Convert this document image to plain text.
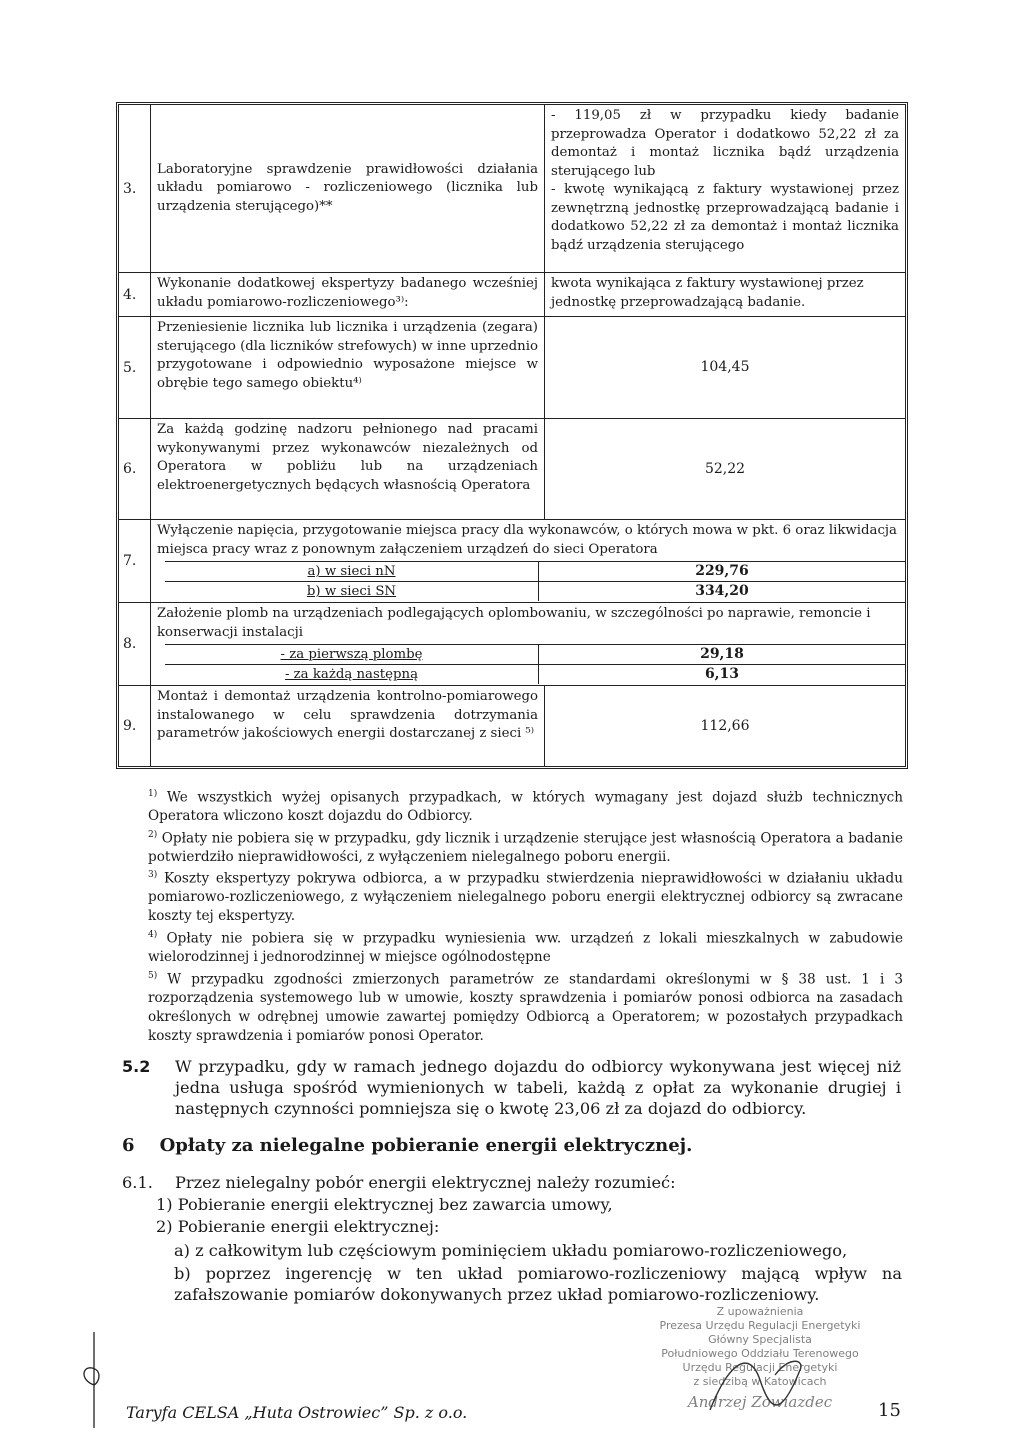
3.
Laboratoryjne sprawdzenie prawidłowości działania układu pomiarowo - rozliczeniowego (licznika lub urządzenia sterującego)**
- 119,05 zł w przypadku kiedy badanie przeprowadza Operator i dodatkowo 52,22 zł za demontaż i montaż licznika bądź urządzenia sterującego lub
- kwotę wynikającą z faktury wystawionej przez zewnętrzną jednostkę przeprowadzającą badanie i dodatkowo 52,22 zł za demontaż i montaż licznika bądź urządzenia sterującego
4.
Wykonanie dodatkowej ekspertyzy badanego wcześniej układu pomiarowo-rozliczeniowego³⁾:
kwota wynikająca z faktury wystawionej przez jednostkę przeprowadzającą badanie.
5.
Przeniesienie licznika lub licznika i urządzenia (zegara) sterującego (dla liczników strefowych) w inne uprzednio przygotowane i odpowiednio wyposażone miejsce w obrębie tego samego obiektu⁴⁾
104,45
6.
Za każdą godzinę nadzoru pełnionego nad pracami wykonywanymi przez wykonawców niezależnych od Operatora w pobliżu lub na urządzeniach elektroenergetycznych będących własnością Operatora
52,22
7.
Wyłączenie napięcia, przygotowanie miejsca pracy dla wykonawców, o których mowa w pkt. 6 oraz likwidacja miejsca pracy wraz z ponownym załączeniem urządzeń do sieci Operatora
a) w sieci nN	229,76
b) w sieci SN	334,20
8.
Założenie plomb na urządzeniach podlegających oplombowaniu, w szczególności po naprawie, remoncie i konserwacji instalacji
- za pierwszą plombę	29,18
- za każdą następną	6,13
9.
Montaż i demontaż urządzenia kontrolno-pomiarowego instalowanego w celu sprawdzenia dotrzymania parametrów jakościowych energii dostarczanej z sieci ⁵⁾	112,66
$^{1)}$ We wszystkich wyżej opisanych przypadkach, w których wymagany jest dojazd służb technicznych Operatora wliczono koszt dojazdu do Odbiorcy.
$^{2)}$ Opłaty nie pobiera się w przypadku, gdy licznik i urządzenie sterujące jest własnością Operatora a badanie potwierdziło nieprawidłowości, z wyłączeniem nielegalnego poboru energii.
$^{3)}$ Koszty ekspertyzy pokrywa odbiorca, a w przypadku stwierdzenia nieprawidłowości w działaniu układu pomiarowo-rozliczeniowego, z wyłączeniem nielegalnego poboru energii elektrycznej odbiorcy są zwracane koszty tej ekspertyzy.
$^{4)}$ Opłaty nie pobiera się w przypadku wyniesienia ww. urządzeń z lokali mieszkalnych w zabudowie wielorodzinnej i jednorodzinnej w miejsce ogólnodostępne
$^{5)}$ W przypadku zgodności zmierzonych parametrów ze standardami określonymi w § 38 ust. 1 i 3 rozporządzenia systemowego lub w umowie, koszty sprawdzenia i pomiarów ponosi odbiorca na zasadach określonych w odrębnej umowie zawartej pomiędzy Odbiorcą a Operatorem; w pozostałych przypadkach koszty sprawdzenia i pomiarów ponosi Operator.
5.2 W przypadku, gdy w ramach jednego dojazdu do odbiorcy wykonywana jest więcej niż jedna usługa spośród wymienionych w tabeli, każdą z opłat za wykonanie drugiej i następnych czynności pomniejsza się o kwotę 23,06 zł za dojazd do odbiorcy.
6 Opłaty za nielegalne pobieranie energii elektrycznej.
6.1. Przez nielegalny pobór energii elektrycznej należy rozumieć:
1) Pobieranie energii elektrycznej bez zawarcia umowy,
2) Pobieranie energii elektrycznej:
a) z całkowitym lub częściowym pominięciem układu pomiarowo-rozliczeniowego,
b) poprzez ingerencję w ten układ pomiarowo-rozliczeniowy mającą wpływ na zafałszowanie pomiarów dokonywanych przez układ pomiarowo-rozliczeniowy.
Z upoważnienia
Prezesa Urzędu Regulacji Energetyki
Główny Specjalista
Południowego Oddziału Terenowego
Urzędu Regulacji Energetyki
z siedzibą w Katowicach
Andrzej Zowiazdec
Taryfa CELSA „Huta Ostrowiec” Sp. z o.o.	15
